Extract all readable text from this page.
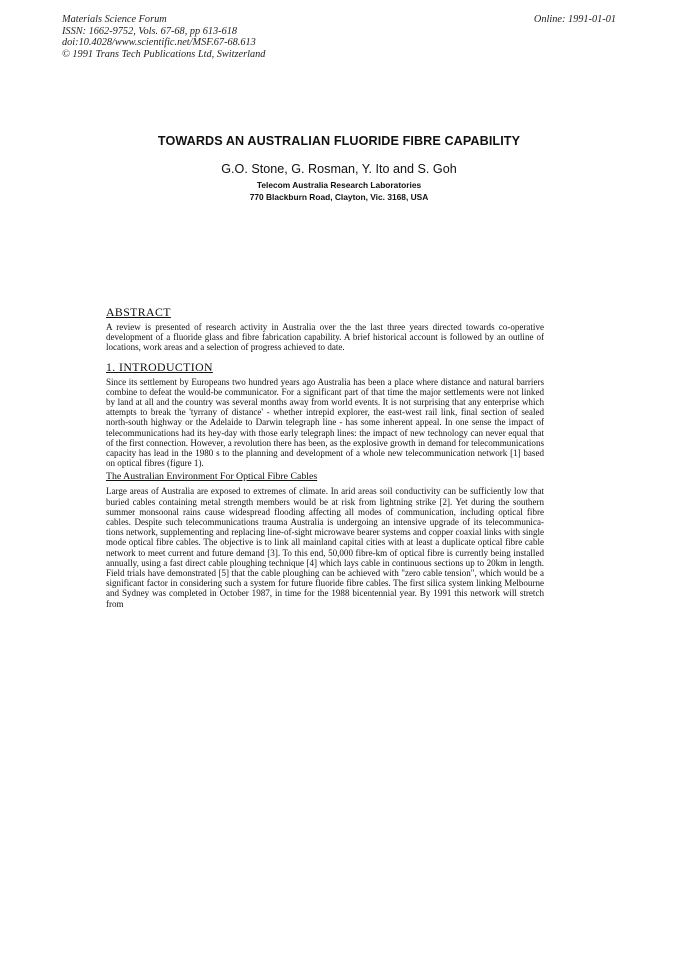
Materials Science Forum
ISSN: 1662-9752, Vols. 67-68, pp 613-618
doi:10.4028/www.scientific.net/MSF.67-68.613
© 1991 Trans Tech Publications Ltd, Switzerland
Online: 1991-01-01
TOWARDS AN AUSTRALIAN FLUORIDE FIBRE CAPABILITY
G.O. Stone, G. Rosman, Y. Ito and S. Goh
Telecom Australia Research Laboratories
770 Blackburn Road, Clayton, Vic. 3168, USA
ABSTRACT

A review is presented of research activity in Australia over the the last three years directed towards co-operative development of a fluoride glass and fibre fabrication capability. A brief historical account is followed by an outline of locations, work areas and a selection of progress achieved to date.

1. INTRODUCTION

Since its settlement by Europeans two hundred years ago Australia has been a place where distance and natural barriers combine to defeat the would-be communicator. For a significant part of that time the major settlements were not linked by land at all and the country was several months away from world events. It is not surprising that any enterprise which attempts to break the 'tyrrany of distance' - whether intrepid explorer, the east-west rail link, final section of sealed north-south highway or the Adelaide to Darwin telegraph line - has some inherent appeal. In one sense the impact of telecommunications had its hey-day with those early telegraph lines: the impact of new technology can never equal that of the first connection. However, a revolution there has been, as the explosive growth in demand for telecommunications capacity has lead in the 1980 s to the planning and development of a whole new telecommunication network [1] based on optical fibres (figure 1).

The Australian Environment For Optical Fibre Cables

Large areas of Australia are exposed to extremes of climate. In arid areas soil conductivity can be sufficiently low that buried cables containing metal strength members would be at risk from lightning strike [2]. Yet during the southern summer monsoonal rains cause widespread flooding affecting all modes of communication, including optical fibre cables. Despite such telecommunications trauma Australia is undergoing an intensive upgrade of its telecommunica-tions network, supplementing and replacing line-of-sight microwave bearer systems and copper coaxial links with single mode optical fibre cables. The objective is to link all mainland capital cities with at least a duplicate optical fibre cable network to meet current and future demand [3]. To this end, 50,000 fibre-km of optical fibre is currently being installed annually, using a fast direct cable ploughing technique [4] which lays cable in continuous sections up to 20km in length. Field trials have demonstrated [5] that the cable ploughing can be achieved with "zero cable tension", which would be a significant factor in considering such a system for future fluoride fibre cables. The first silica system linking Melbourne and Sydney was completed in October 1987, in time for the 1988 bicentennial year. By 1991 this network will stretch from
